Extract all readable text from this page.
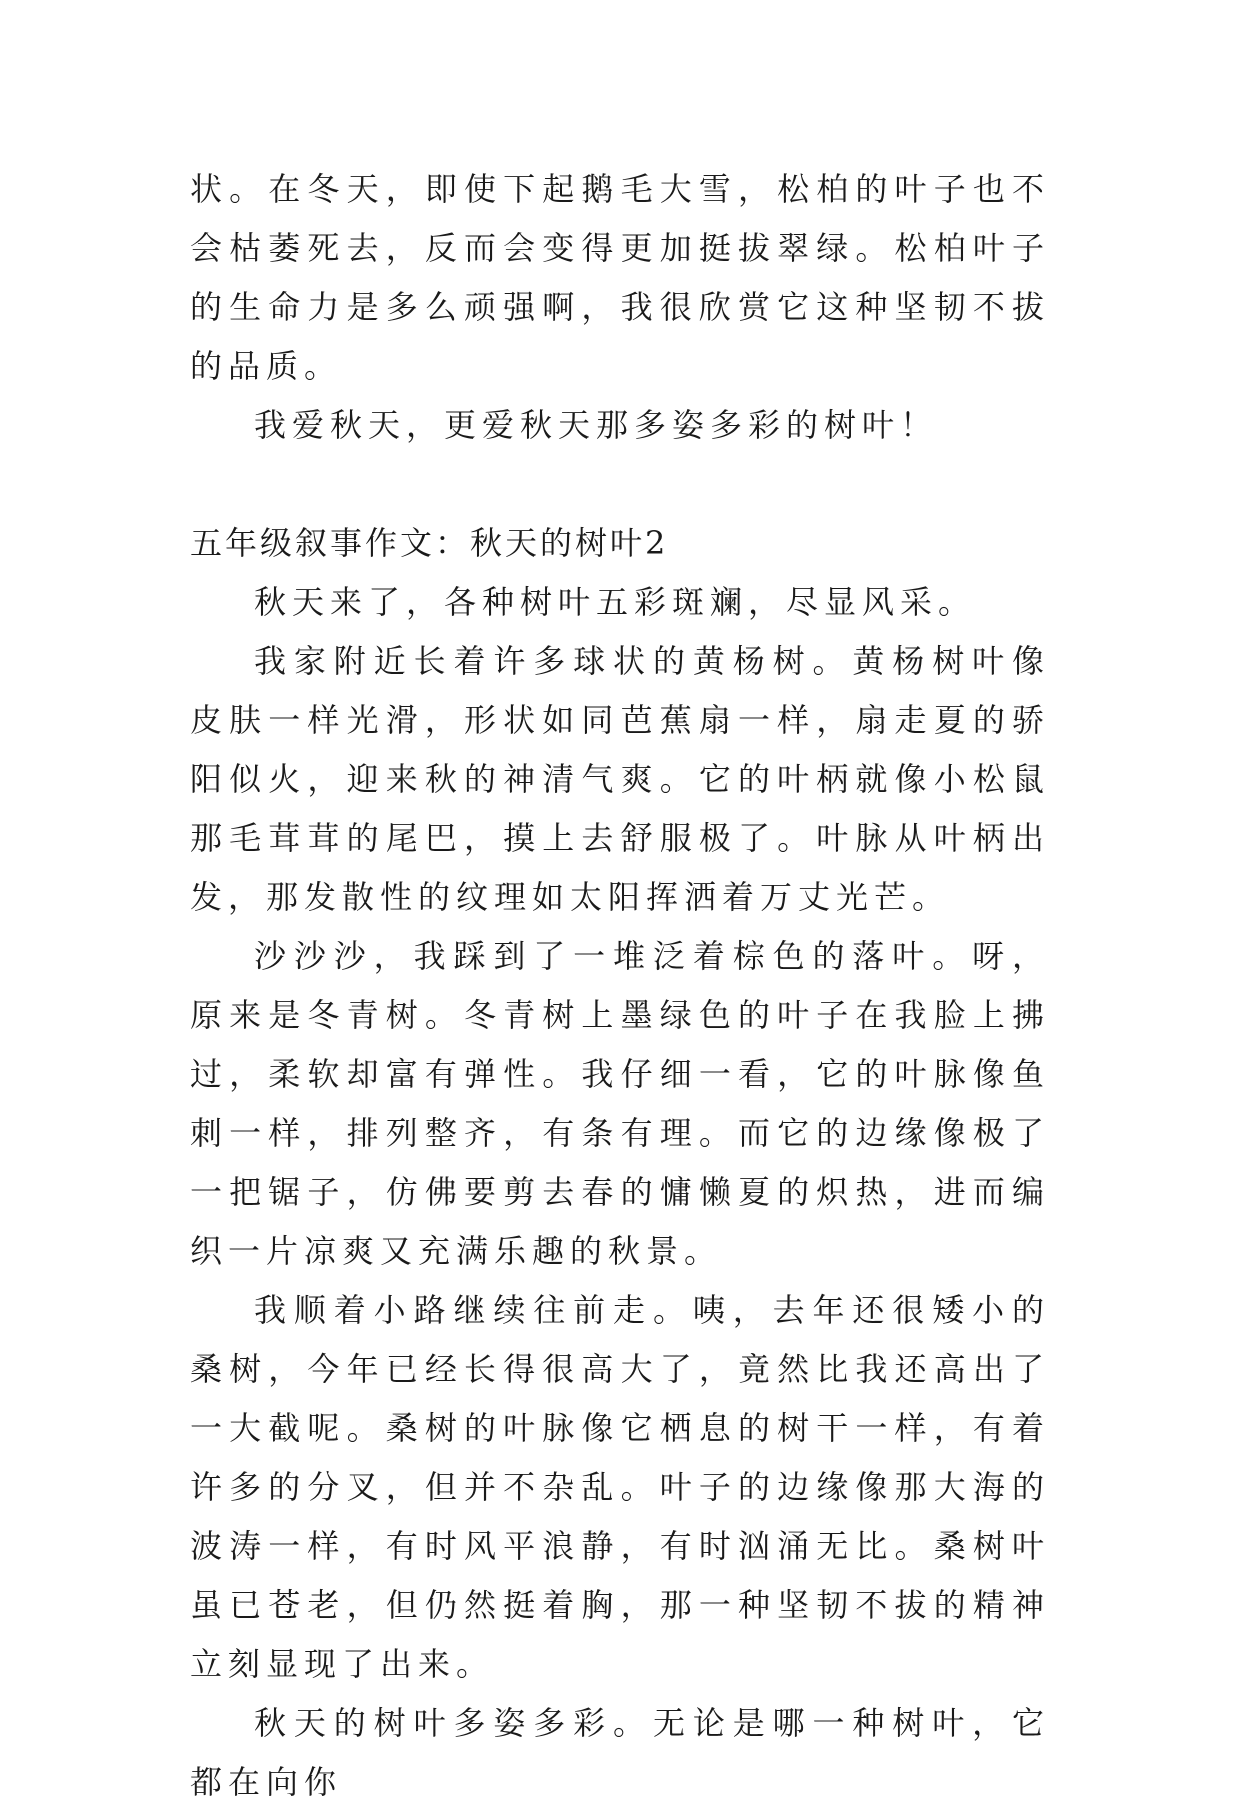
状。在冬天，即使下起鹅毛大雪，松柏的叶子也不会枯萎死去，反而会变得更加挺拔翠绿。松柏叶子的生命力是多么顽强啊，我很欣赏它这种坚韧不拔的品质。

我爱秋天，更爱秋天那多姿多彩的树叶！

五年级叙事作文：秋天的树叶2

秋天来了，各种树叶五彩斑斓，尽显风采。

我家附近长着许多球状的黄杨树。黄杨树叶像皮肤一样光滑，形状如同芭蕉扇一样，扇走夏的骄阳似火，迎来秋的神清气爽。它的叶柄就像小松鼠那毛茸茸的尾巴，摸上去舒服极了。叶脉从叶柄出发，那发散性的纹理如太阳挥洒着万丈光芒。

沙沙沙，我踩到了一堆泛着棕色的落叶。呀，原来是冬青树。冬青树上墨绿色的叶子在我脸上拂过，柔软却富有弹性。我仔细一看，它的叶脉像鱼刺一样，排列整齐，有条有理。而它的边缘像极了一把锯子，仿佛要剪去春的慵懒夏的炽热，进而编织一片凉爽又充满乐趣的秋景。

我顺着小路继续往前走。咦，去年还很矮小的桑树，今年已经长得很高大了，竟然比我还高出了一大截呢。桑树的叶脉像它栖息的树干一样，有着许多的分叉，但并不杂乱。叶子的边缘像那大海的波涛一样，有时风平浪静，有时汹涌无比。桑树叶虽已苍老，但仍然挺着胸，那一种坚韧不拔的精神立刻显现了出来。

秋天的树叶多姿多彩。无论是哪一种树叶，它都在向你
